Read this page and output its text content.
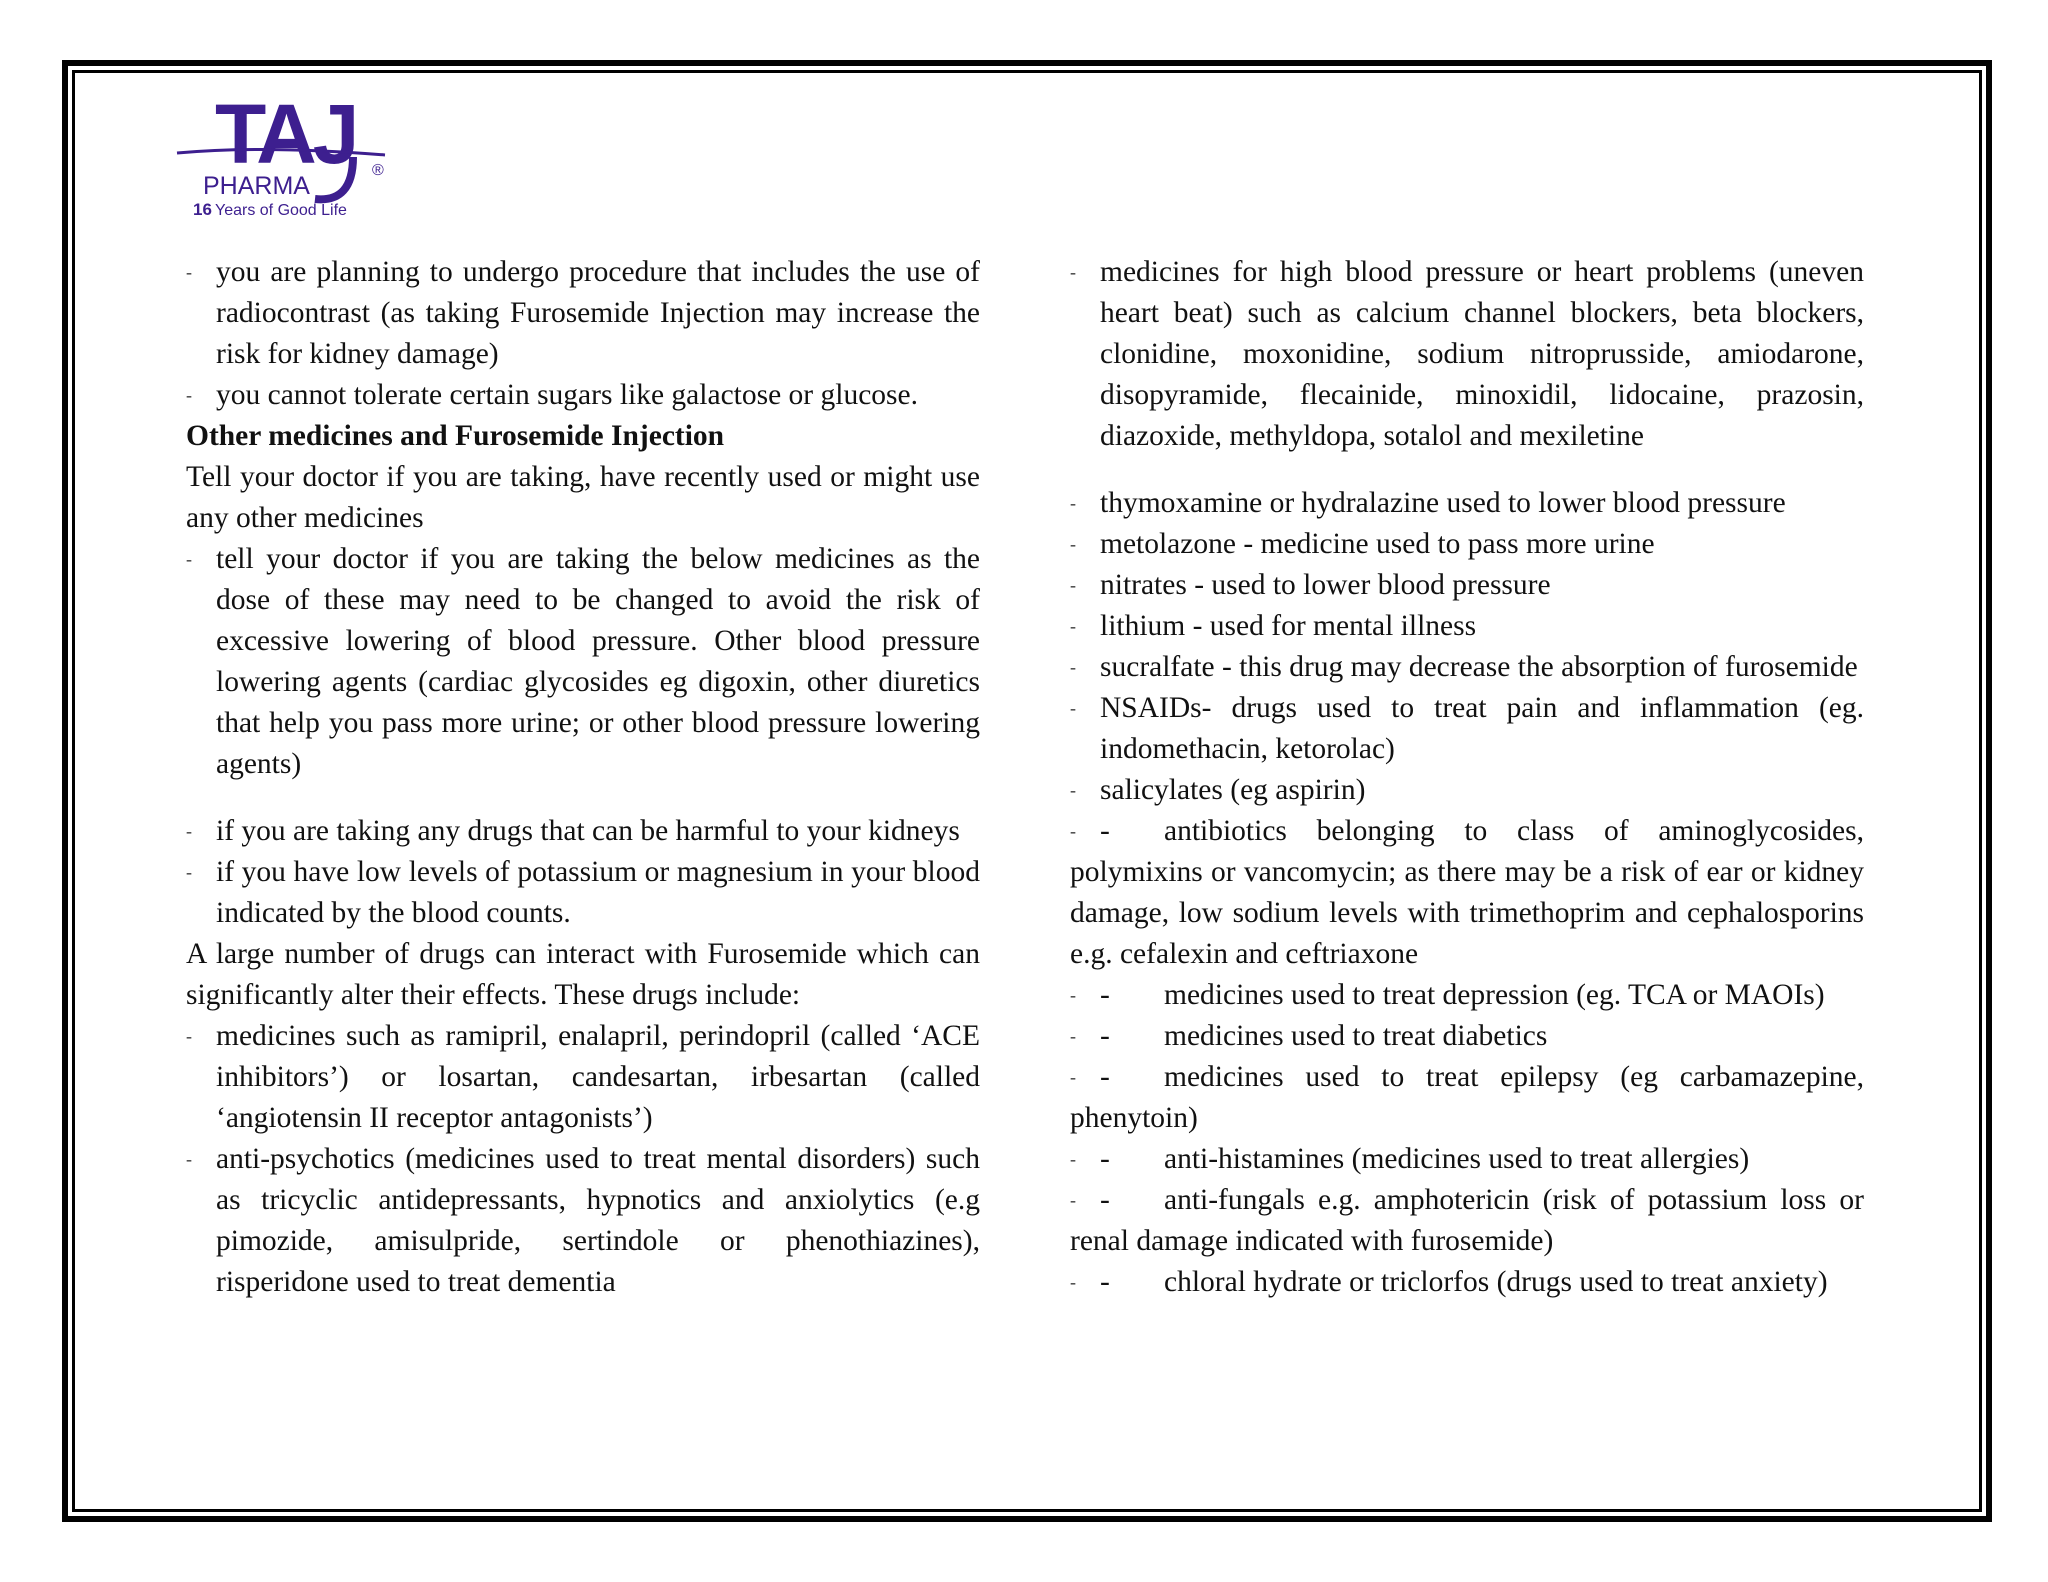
TAJ
PHARMA
®
16 Years of Good Life
- you are planning to undergo procedure that includes the use of radiocontrast (as taking Furosemide Injection may increase the risk for kidney damage)
- you cannot tolerate certain sugars like galactose or glucose.
Other medicines and Furosemide Injection
Tell your doctor if you are taking, have recently used or might use any other medicines
- tell your doctor if you are taking the below medicines as the dose of these may need to be changed to avoid the risk of excessive lowering of blood pressure. Other blood pressure lowering agents (cardiac glycosides eg digoxin, other diuretics that help you pass more urine; or other blood pressure lowering agents)
- if you are taking any drugs that can be harmful to your kidneys
- if you have low levels of potassium or magnesium in your blood indicated by the blood counts.
A large number of drugs can interact with Furosemide which can significantly alter their effects. These drugs include:
- medicines such as ramipril, enalapril, perindopril (called ‘ACE inhibitors’) or losartan, candesartan, irbesartan (called ‘angiotensin II receptor antagonists’)
- anti-psychotics (medicines used to treat mental disorders) such as tricyclic antidepressants, hypnotics and anxiolytics (e.g pimozide, amisulpride, sertindole or phenothiazines), risperidone used to treat dementia
- medicines for high blood pressure or heart problems (uneven heart beat) such as calcium channel blockers, beta blockers, clonidine, moxonidine, sodium nitroprusside, amiodarone, disopyramide, flecainide, minoxidil, lidocaine, prazosin, diazoxide, methyldopa, sotalol and mexiletine
- thymoxamine or hydralazine used to lower blood pressure
- metolazone - medicine used to pass more urine
- nitrates - used to lower blood pressure
- lithium - used for mental illness
- sucralfate - this drug may decrease the absorption of furosemide
- NSAIDs- drugs used to treat pain and inflammation (eg. indomethacin, ketorolac)
- salicylates (eg aspirin)
- - antibiotics belonging to class of aminoglycosides, polymixins or vancomycin; as there may be a risk of ear or kidney damage, low sodium levels with trimethoprim and cephalosporins e.g. cefalexin and ceftriaxone
- - medicines used to treat depression (eg. TCA or MAOIs)
- - medicines used to treat diabetics
- - medicines used to treat epilepsy (eg carbamazepine, phenytoin)
- - anti-histamines (medicines used to treat allergies)
- - anti-fungals e.g. amphotericin (risk of potassium loss or renal damage indicated with furosemide)
- - chloral hydrate or triclorfos (drugs used to treat anxiety)
